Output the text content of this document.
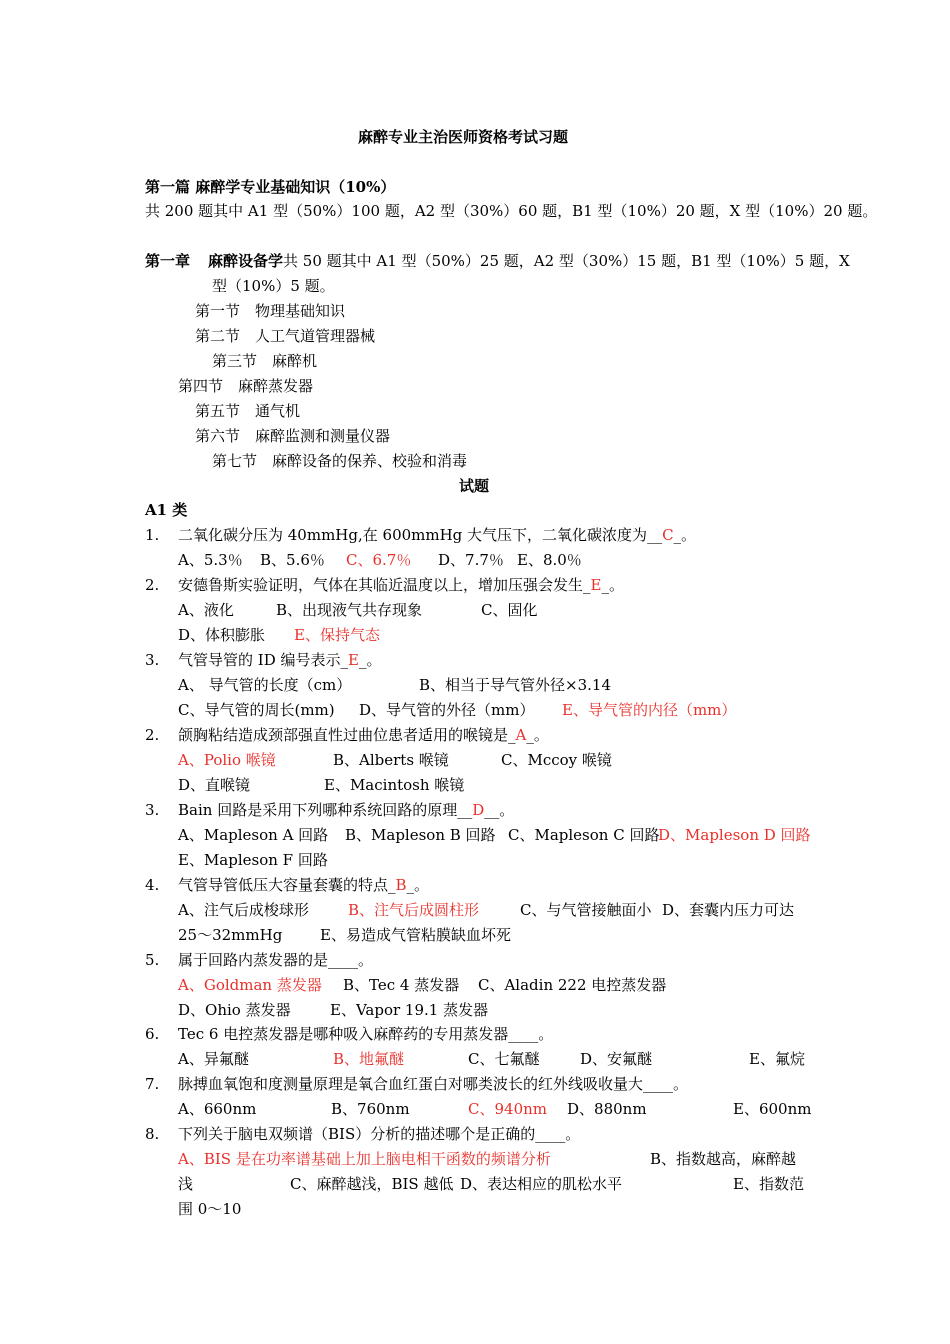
麻醉专业主治医师资格考试习题
第一篇 麻醉学专业基础知识（10%）
共 200 题其中 A1 型（50%）100 题，A2 型（30%）60 题，B1 型（10%）20 题，X 型（10%）20 题。
第一章 麻醉设备学共 50 题其中 A1 型（50%）25 题，A2 型（30%）15 题，B1 型（10%）5 题，X
型（10%）5 题。
第一节　物理基础知识
第二节　人工气道管理器械
第三节　麻醉机
第四节　麻醉蒸发器
第五节　通气机
第六节　麻醉监测和测量仪器
第七节　麻醉设备的保养、校验和消毒
试题
A1 类
1. 二氧化碳分压为 40mmHg,在 600mmHg 大气压下，二氧化碳浓度为__C_。
A、5.3％ B、5.6％ C、6.7％ D、7.7％ E、8.0％
2. 安德鲁斯实验证明，气体在其临近温度以上，增加压强会发生_E_。
A、液化	B、出现液气共存现象	C、固化
D、体积膨胀 E、保持气态
3. 气管导管的 ID 编号表示_E_。
A、 导气管的长度（cm）	B、相当于导气管外径×3.14
C、导气管的周长(mm) D、导气管的外径（mm） E、导气管的内径（mm）
2. 颌胸粘结造成颈部强直性过曲位患者适用的喉镜是_A_。
A、Polio 喉镜	B、Alberts 喉镜	C、Mccoy 喉镜
D、直喉镜	E、Macintosh 喉镜
3. Bain 回路是采用下列哪种系统回路的原理__D__。
A、Mapleson A 回路 B、Mapleson B 回路 C、Mapleson C 回路
D、Mapleson D 回路
E、Mapleson F 回路
4. 气管导管低压大容量套囊的特点_B_。
A、注气后成梭球形	B、注气后成圆柱形	C、与气管接触面小 D、套囊内压力可达
25～32mmHg	E、易造成气管粘膜缺血坏死
5. 属于回路内蒸发器的是____。
A、Goldman 蒸发器 B、Tec 4 蒸发器 C、Aladin 222 电控蒸发器
D、Ohio 蒸发器	E、Vapor 19.1 蒸发器
6. Tec 6 电控蒸发器是哪种吸入麻醉药的专用蒸发器____。
A、异氟醚	B、地氟醚	C、七氟醚	D、安氟醚	E、氟烷
7. 脉搏血氧饱和度测量原理是氧合血红蛋白对哪类波长的红外线吸收量大____。
A、660nm	B、760nm	C、940nm D、880nm	E、600nm
8. 下列关于脑电双频谱（BIS）分析的描述哪个是正确的____。
A、BIS 是在功率谱基础上加上脑电相干函数的频谱分析	B、指数越高，麻醉越
浅	C、麻醉越浅，BIS 越低 D、表达相应的肌松水平	E、指数范
围 0～10
